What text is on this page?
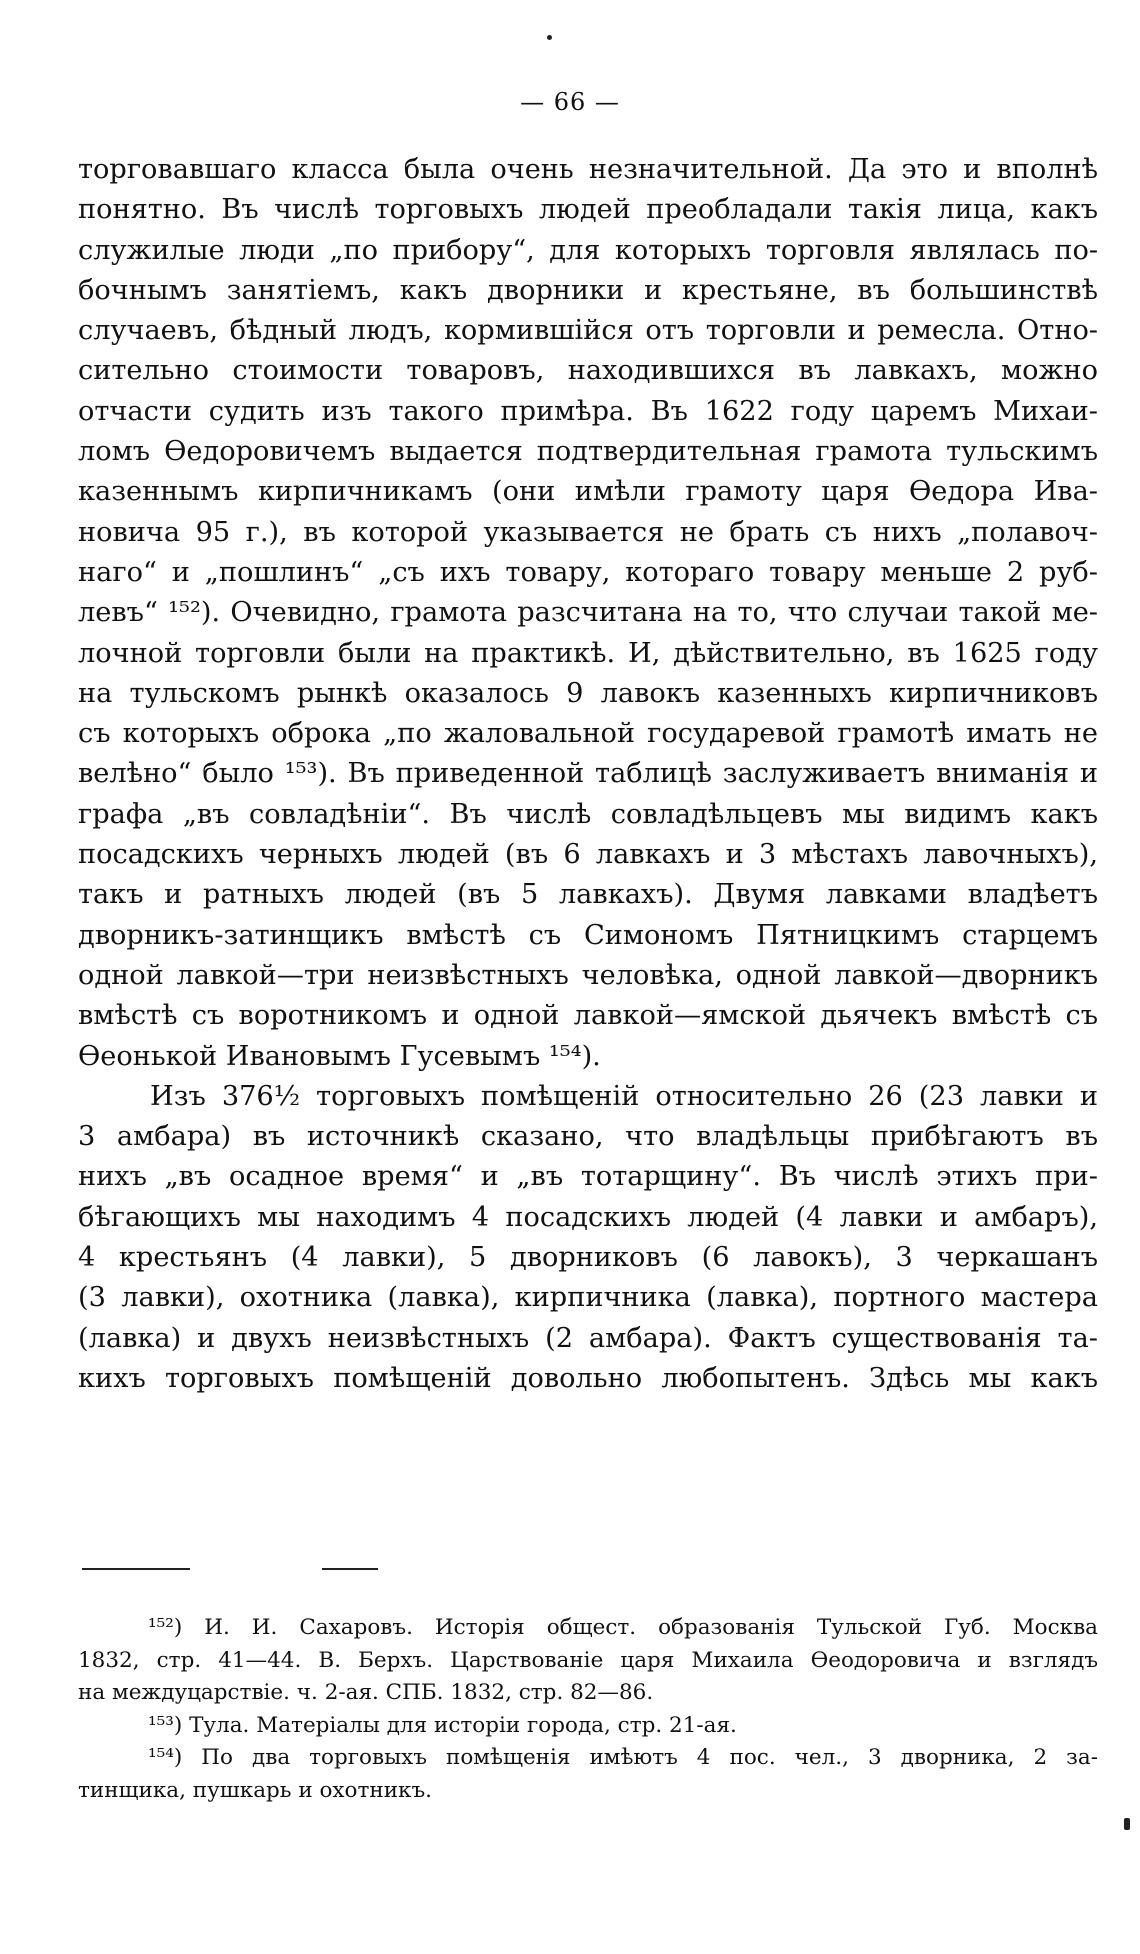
— 66 —
торговавшаго класса была очень незначительной. Да это и вполнѣ
понятно. Въ числѣ торговыхъ людей преобладали такія лица, какъ
служилые люди „по прибору“, для которыхъ торговля являлась по-
бочнымъ занятіемъ, какъ дворники и крестьяне, въ большинствѣ
случаевъ, бѣдный людъ, кормившійся отъ торговли и ремесла. Отно-
сительно стоимости товаровъ, находившихся въ лавкахъ, можно
отчасти судить изъ такого примѣра. Въ 1622 году царемъ Михаи-
ломъ Ѳедоровичемъ выдается подтвердительная грамота тульскимъ
казеннымъ кирпичникамъ (они имѣли грамоту царя Ѳедора Ива-
новича 95 г.), въ которой указывается не брать съ нихъ „полавоч-
наго“ и „пошлинъ“ „съ ихъ товару, котораго товару меньше 2 руб-
левъ“ ¹⁵²). Очевидно, грамота разсчитана на то, что случаи такой ме-
лочной торговли были на практикѣ. И, дѣйствительно, въ 1625 году
на тульскомъ рынкѣ оказалось 9 лавокъ казенныхъ кирпичниковъ
съ которыхъ оброка „по жаловальной государевой грамотѣ имать не
велѣно“ было ¹⁵³). Въ приведенной таблицѣ заслуживаетъ вниманія и
графа „въ совладѣніи“. Въ числѣ совладѣльцевъ мы видимъ какъ
посадскихъ черныхъ людей (въ 6 лавкахъ и 3 мѣстахъ лавочныхъ),
такъ и ратныхъ людей (въ 5 лавкахъ). Двумя лавками владѣетъ
дворникъ-затинщикъ вмѣстѣ съ Симономъ Пятницкимъ старцемъ
одной лавкой—три неизвѣстныхъ человѣка, одной лавкой—дворникъ
вмѣстѣ съ воротникомъ и одной лавкой—ямской дьячекъ вмѣстѣ съ
Ѳеонькой Ивановымъ Гусевымъ ¹⁵⁴).
Изъ 376½ торговыхъ помѣщеній относительно 26 (23 лавки и
3 амбара) въ источникѣ сказано, что владѣльцы прибѣгаютъ въ
нихъ „въ осадное время“ и „въ тотарщину“. Въ числѣ этихъ при-
бѣгающихъ мы находимъ 4 посадскихъ людей (4 лавки и амбаръ),
4 крестьянъ (4 лавки), 5 дворниковъ (6 лавокъ), 3 черкашанъ
(3 лавки), охотника (лавка), кирпичника (лавка), портного мастера
(лавка) и двухъ неизвѣстныхъ (2 амбара). Фактъ существованія та-
кихъ торговыхъ помѣщеній довольно любопытенъ. Здѣсь мы какъ
¹⁵²) И. И. Сахаровъ. Исторія общест. образованія Тульской Губ. Москва
1832, стр. 41—44. В. Берхъ. Царствованіе царя Михаила Ѳеодоровича и взглядъ
на междуцарствіе. ч. 2-ая. СПБ. 1832, стр. 82—86.
¹⁵³) Тула. Матеріалы для исторіи города, стр. 21-ая.
¹⁵⁴) По два торговыхъ помѣщенія имѣютъ 4 пос. чел., 3 дворника, 2 за-
тинщика, пушкарь и охотникъ.
